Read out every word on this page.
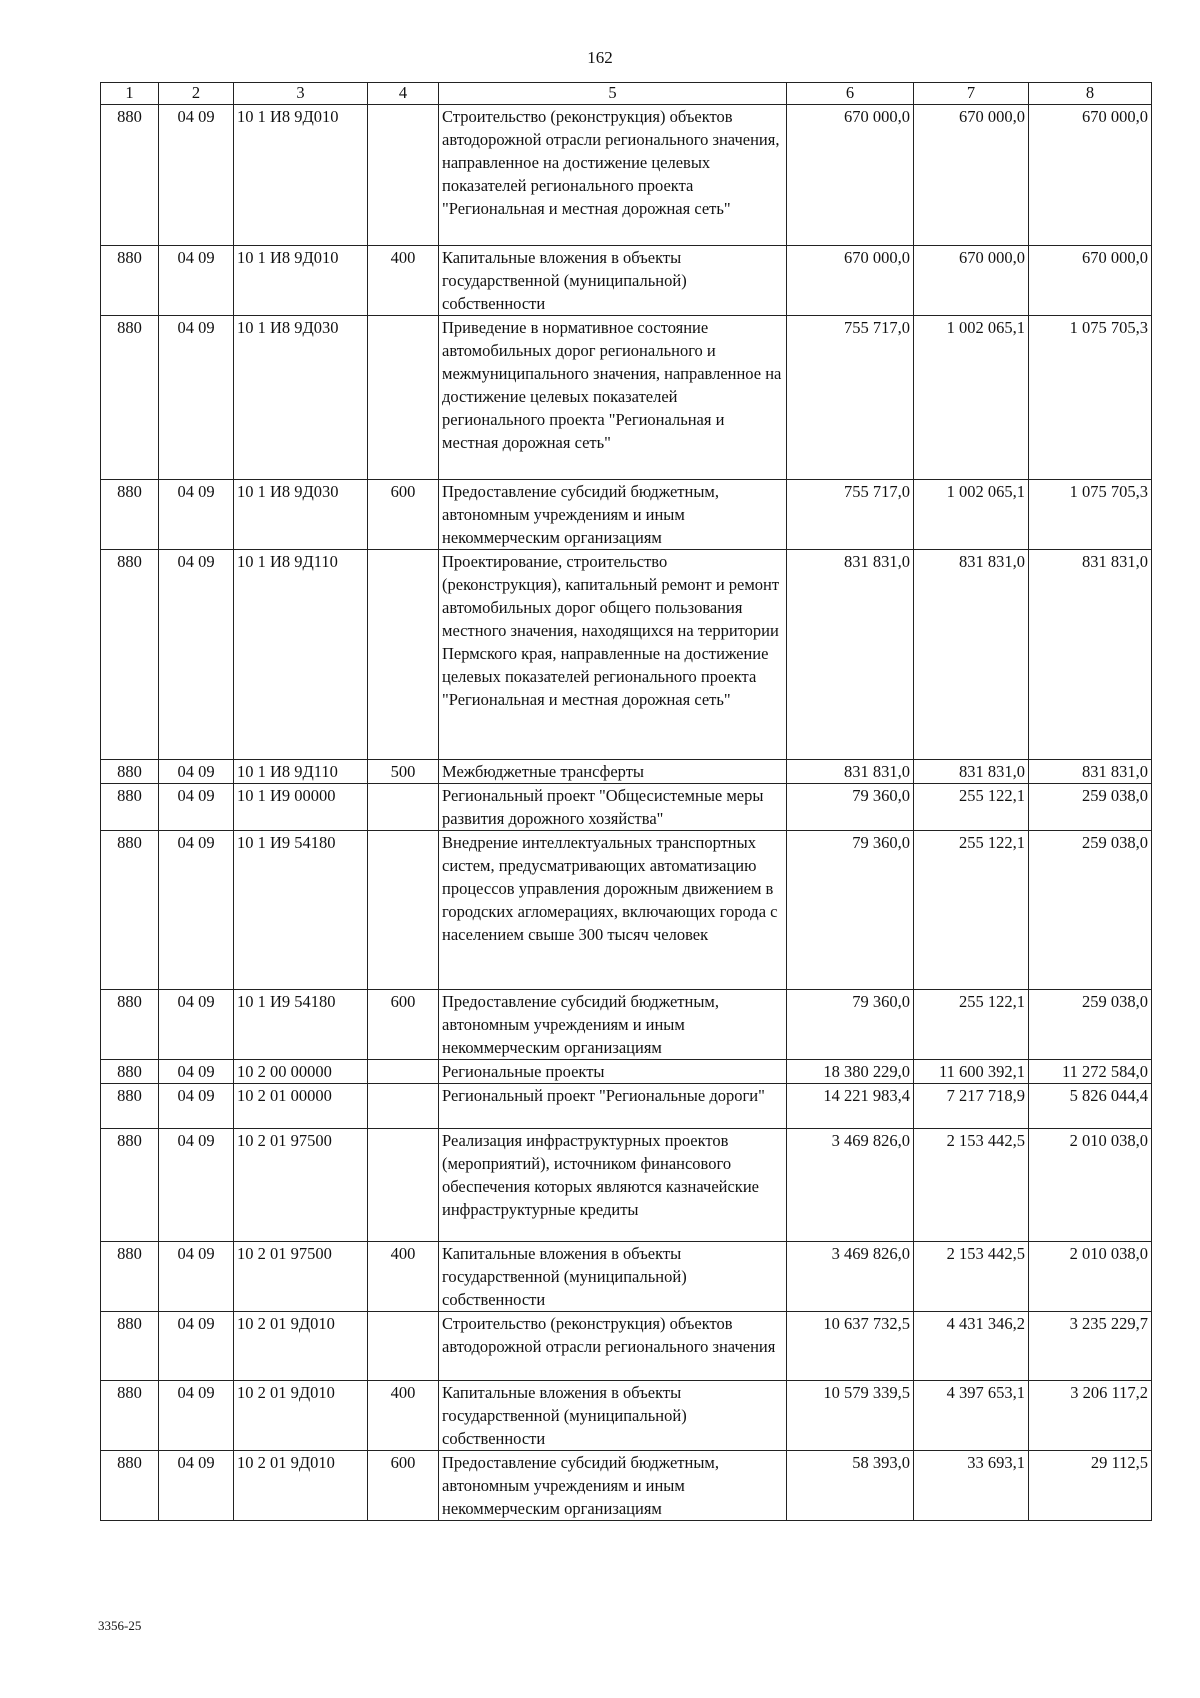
162
1	2	3	4	5	6	7	8
880	04 09	10 1 И8 9Д010		Строительство (реконструкция) объектов автодорожной отрасли регионального значения, направленное на достижение целевых показателей регионального проекта "Региональная и местная дорожная сеть"	670 000,0	670 000,0	670 000,0
880	04 09	10 1 И8 9Д010	400	Капитальные вложения в объекты государственной (муниципальной) собственности	670 000,0	670 000,0	670 000,0
880	04 09	10 1 И8 9Д030		Приведение в нормативное состояние автомобильных дорог регионального и межмуниципального значения, направленное на достижение целевых показателей регионального проекта "Региональная и местная дорожная сеть"	755 717,0	1 002 065,1	1 075 705,3
880	04 09	10 1 И8 9Д030	600	Предоставление субсидий бюджетным, автономным учреждениям и иным некоммерческим организациям	755 717,0	1 002 065,1	1 075 705,3
880	04 09	10 1 И8 9Д110		Проектирование, строительство (реконструкция), капитальный ремонт и ремонт автомобильных дорог общего пользования местного значения, находящихся на территории Пермского края, направленные на достижение целевых показателей регионального проекта "Региональная и местная дорожная сеть"	831 831,0	831 831,0	831 831,0
880	04 09	10 1 И8 9Д110	500	Межбюджетные трансферты	831 831,0	831 831,0	831 831,0
880	04 09	10 1 И9 00000		Региональный проект "Общесистемные меры развития дорожного хозяйства"	79 360,0	255 122,1	259 038,0
880	04 09	10 1 И9 54180		Внедрение интеллектуальных транспортных систем, предусматривающих автоматизацию процессов управления дорожным движением в городских агломерациях, включающих города с населением свыше 300 тысяч человек	79 360,0	255 122,1	259 038,0
880	04 09	10 1 И9 54180	600	Предоставление субсидий бюджетным, автономным учреждениям и иным некоммерческим организациям	79 360,0	255 122,1	259 038,0
880	04 09	10 2 00 00000		Региональные проекты	18 380 229,0	11 600 392,1	11 272 584,0
880	04 09	10 2 01 00000		Региональный проект "Региональные дороги"	14 221 983,4	7 217 718,9	5 826 044,4
880	04 09	10 2 01 97500		Реализация инфраструктурных проектов (мероприятий), источником финансового обеспечения которых являются казначейские инфраструктурные кредиты	3 469 826,0	2 153 442,5	2 010 038,0
880	04 09	10 2 01 97500	400	Капитальные вложения в объекты государственной (муниципальной) собственности	3 469 826,0	2 153 442,5	2 010 038,0
880	04 09	10 2 01 9Д010		Строительство (реконструкция) объектов автодорожной отрасли регионального значения	10 637 732,5	4 431 346,2	3 235 229,7
880	04 09	10 2 01 9Д010	400	Капитальные вложения в объекты государственной (муниципальной) собственности	10 579 339,5	4 397 653,1	3 206 117,2
880	04 09	10 2 01 9Д010	600	Предоставление субсидий бюджетным, автономным учреждениям и иным некоммерческим организациям	58 393,0	33 693,1	29 112,5
3356-25
